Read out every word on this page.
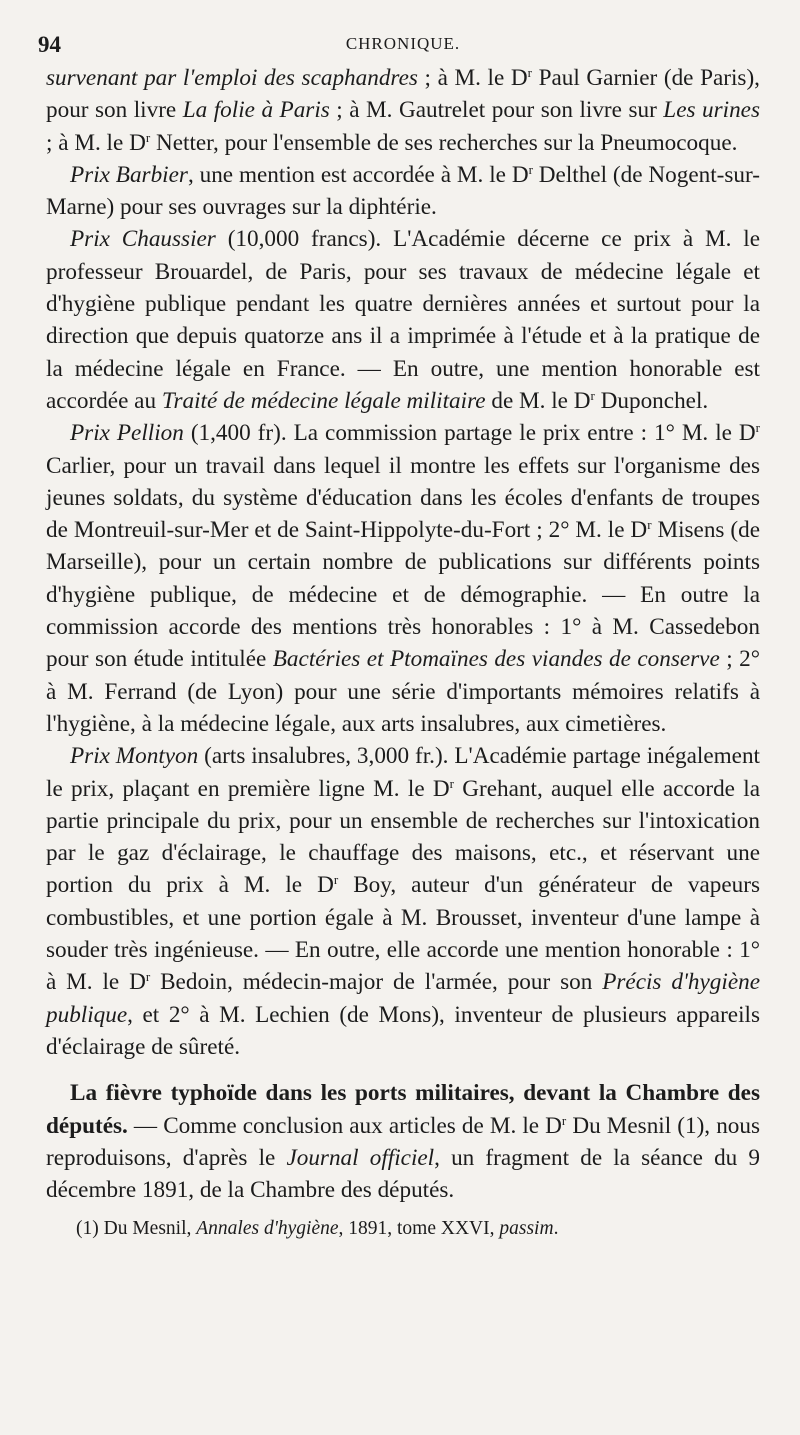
94	CHRONIQUE.

survenant par l'emploi des scaphandres ; à M. le $D^r$ Paul Garnier (de Paris), pour son livre La folie à Paris ; à M. Gautrelet pour son livre sur Les urines ; à M. le $D^r$ Netter, pour l'ensemble de ses recherches sur la Pneumocoque.

Prix Barbier, une mention est accordée à M. le $D^r$ Delthel (de Nogent-sur-Marne) pour ses ouvrages sur la diphtérie.

Prix Chaussier (10,000 francs). L'Académie décerne ce prix à M. le professeur Brouardel, de Paris, pour ses travaux de médecine légale et d'hygiène publique pendant les quatre dernières années et surtout pour la direction que depuis quatorze ans il a imprimée à l'étude et à la pratique de la médecine légale en France. — En outre, une mention honorable est accordée au Traité de médecine légale militaire de M. le $D^r$ Duponchel.

Prix Pellion (1,400 fr). La commission partage le prix entre : 1° M. le $D^r$ Carlier, pour un travail dans lequel il montre les effets sur l'organisme des jeunes soldats, du système d'éducation dans les écoles d'enfants de troupes de Montreuil-sur-Mer et de Saint-Hippolyte-du-Fort ; 2° M. le $D^r$ Misens (de Marseille), pour un certain nombre de publications sur différents points d'hygiène publique, de médecine et de démographie. — En outre la commission accorde des mentions très honorables : 1° à M. Cassedebon pour son étude intitulée Bactéries et Ptomaïnes des viandes de conserve ; 2° à M. Ferrand (de Lyon) pour une série d'importants mémoires relatifs à l'hygiène, à la médecine légale, aux arts insalubres, aux cimetières.

Prix Montyon (arts insalubres, 3,000 fr.). L'Académie partage inégalement le prix, plaçant en première ligne M. le $D^r$ Grehant, auquel elle accorde la partie principale du prix, pour un ensemble de recherches sur l'intoxication par le gaz d'éclairage, le chauffage des maisons, etc., et réservant une portion du prix à M. le $D^r$ Boy, auteur d'un générateur de vapeurs combustibles, et une portion égale à M. Brousset, inventeur d'une lampe à souder très ingénieuse. — En outre, elle accorde une mention honorable : 1° à M. le $D^r$ Bedoin, médecin-major de l'armée, pour son Précis d'hygiène publique, et 2° à M. Lechien (de Mons), inventeur de plusieurs appareils d'éclairage de sûreté.

La fièvre typhoïde dans les ports militaires, devant la Chambre des députés. — Comme conclusion aux articles de M. le $D^r$ Du Mesnil (1), nous reproduisons, d'après le Journal officiel, un fragment de la séance du 9 décembre 1891, de la Chambre des députés.

(1) Du Mesnil, Annales d'hygiène, 1891, tome XXVI, passim.
